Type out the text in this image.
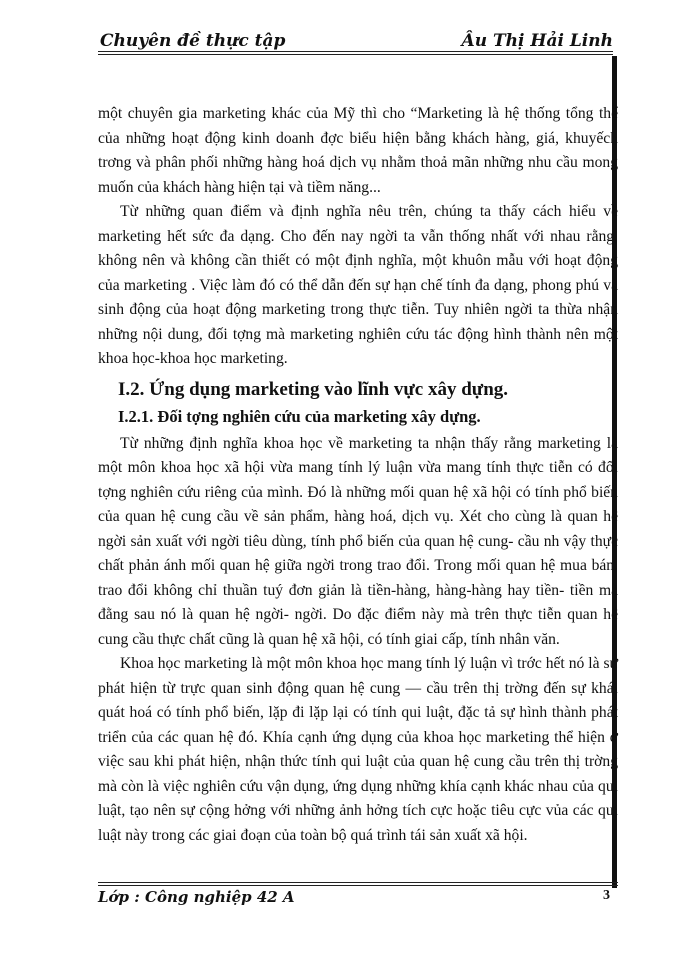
Chuyên đề thực tập	Âu Thị Hải Linh

một chuyên gia marketing khác của Mỹ thì cho “Marketing là hệ thống tổng thể của những hoạt động kinh doanh đợc biểu hiện bằng khách hàng, giá, khuyếch trơng và phân phối những hàng hoá dịch vụ nhằm thoả mãn những nhu cầu mong muốn của khách hàng hiện tại và tiềm năng...

Từ những quan điểm và định nghĩa nêu trên, chúng ta thấy cách hiểu về marketing hết sức đa dạng. Cho đến nay ngời ta vẫn thống nhất với nhau rằng, không nên và không cần thiết có một định nghĩa, một khuôn mẫu với hoạt động của marketing . Việc làm đó có thể dẫn đến sự hạn chế tính đa dạng, phong phú và sinh động của hoạt động marketing trong thực tiễn. Tuy nhiên ngời ta thừa nhận những nội dung, đối tợng mà marketing nghiên cứu tác động hình thành nên một khoa học-khoa học marketing.

I.2. Ứng dụng marketing vào lĩnh vực xây dựng.
I.2.1. Đối tợng nghiên cứu của marketing xây dựng.

Từ những định nghĩa khoa học về marketing ta nhận thấy rằng marketing là một môn khoa học xã hội vừa mang tính lý luận vừa mang tính thực tiễn có đối tợng nghiên cứu riêng của mình. Đó là những mối quan hệ xã hội có tính phổ biến của quan hệ cung cầu về sản phẩm, hàng hoá, dịch vụ. Xét cho cùng là quan hệ ngời sản xuất với ngời tiêu dùng, tính phổ biến của quan hệ cung- cầu nh vậy thực chất phản ánh mối quan hệ giữa ngời trong trao đổi. Trong mối quan hệ mua bán, trao đổi không chỉ thuần tuý đơn giản là tiền-hàng, hàng-hàng hay tiền- tiền mà đằng sau nó là quan hệ ngời- ngời. Do đặc điểm này mà trên thực tiễn quan hệ cung cầu thực chất cũng là quan hệ xã hội, có tính giai cấp, tính nhân văn.

Khoa học marketing là một môn khoa học mang tính lý luận vì trớc hết nó là sự phát hiện từ trực quan sinh động quan hệ cung — cầu trên thị trờng đến sự khái quát hoá có tính phổ biến, lặp đi lặp lại có tính qui luật, đặc tả sự hình thành phát triển của các quan hệ đó. Khía cạnh ứng dụng của khoa học marketing thể hiện ở việc sau khi phát hiện, nhận thức tính qui luật của quan hệ cung cầu trên thị trờng mà còn là việc nghiên cứu vận dụng, ứng dụng những khía cạnh khác nhau của qui luật, tạo nên sự cộng hởng với những ảnh hởng tích cực hoặc tiêu cực vủa các qui luật này trong các giai đoạn của toàn bộ quá trình tái sản xuất xã hội.

Lớp : Công nghiệp 42 A	3
